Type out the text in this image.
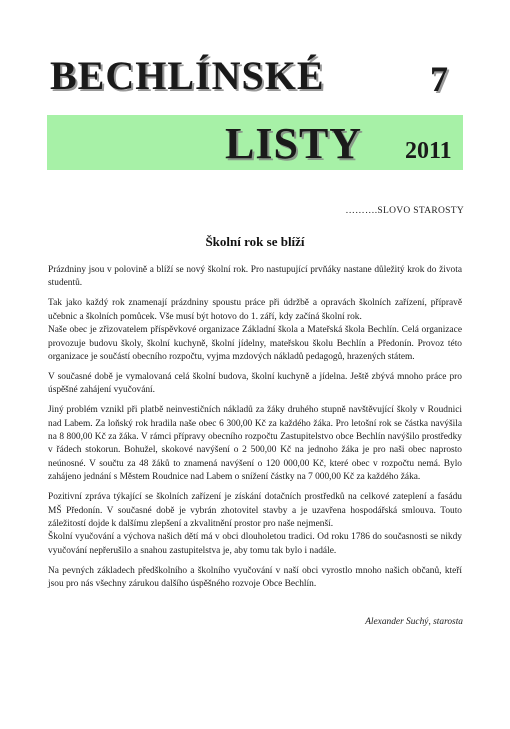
BECHLÍNSKÉ	7
LISTY 2011
……….SLOVO STAROSTY
Školní rok se blíží

Prázdniny jsou v polovině a blíží se nový školní rok. Pro nastupující prvňáky nastane důležitý krok do života studentů.

Tak jako každý rok znamenají prázdniny spoustu práce při údržbě a opravách školních zařízení, přípravě učebnic a školních pomůcek. Vše musí být hotovo do 1. září, kdy začíná školní rok.

Naše obec je zřizovatelem příspěvkové organizace Základní škola a Mateřská škola Bechlín. Celá organizace provozuje budovu školy, školní kuchyně, školní jídelny, mateřskou školu Bechlín a Předonín. Provoz této organizace je součástí obecního rozpočtu, vyjma mzdových nákladů pedagogů, hrazených státem.

V současné době je vymalovaná celá školní budova, školní kuchyně a jídelna. Ještě zbývá mnoho práce pro úspěšné zahájení vyučování.

Jiný problém vznikl při platbě neinvestičních nákladů za žáky druhého stupně navštěvující školy v Roudnici nad Labem. Za loňský rok hradila naše obec 6 300,00 Kč za každého žáka. Pro letošní rok se částka navýšila na 8 800,00 Kč za žáka. V rámci přípravy obecního rozpočtu Zastupitelstvo obce Bechlín navýšilo prostředky v řádech stokorun. Bohužel, skokové navýšení o 2 500,00 Kč na jednoho žáka je pro naši obec naprosto neúnosné. V součtu za 48 žáků to znamená navýšení o 120 000,00 Kč, které obec v rozpočtu nemá. Bylo zahájeno jednání s Městem Roudnice nad Labem o snížení částky na 7 000,00 Kč za každého žáka.

Pozitivní zpráva týkající se školních zařízení je získání dotačních prostředků na celkové zateplení a fasádu MŠ Předonín. V současné době je vybrán zhotovitel stavby a je uzavřena hospodářská smlouva. Touto záležitostí dojde k dalšímu zlepšení a zkvalitnění prostor pro naše nejmenší.

Školní vyučování a výchova našich dětí má v obci dlouholetou tradici. Od roku 1786 do současnosti se nikdy vyučování nepřerušilo a snahou zastupitelstva je, aby tomu tak bylo i nadále.

Na pevných základech předškolního a školního vyučování v naší obci vyrostlo mnoho našich občanů, kteří jsou pro nás všechny zárukou dalšího úspěšného rozvoje Obce Bechlín.

Alexander Suchý, starosta
